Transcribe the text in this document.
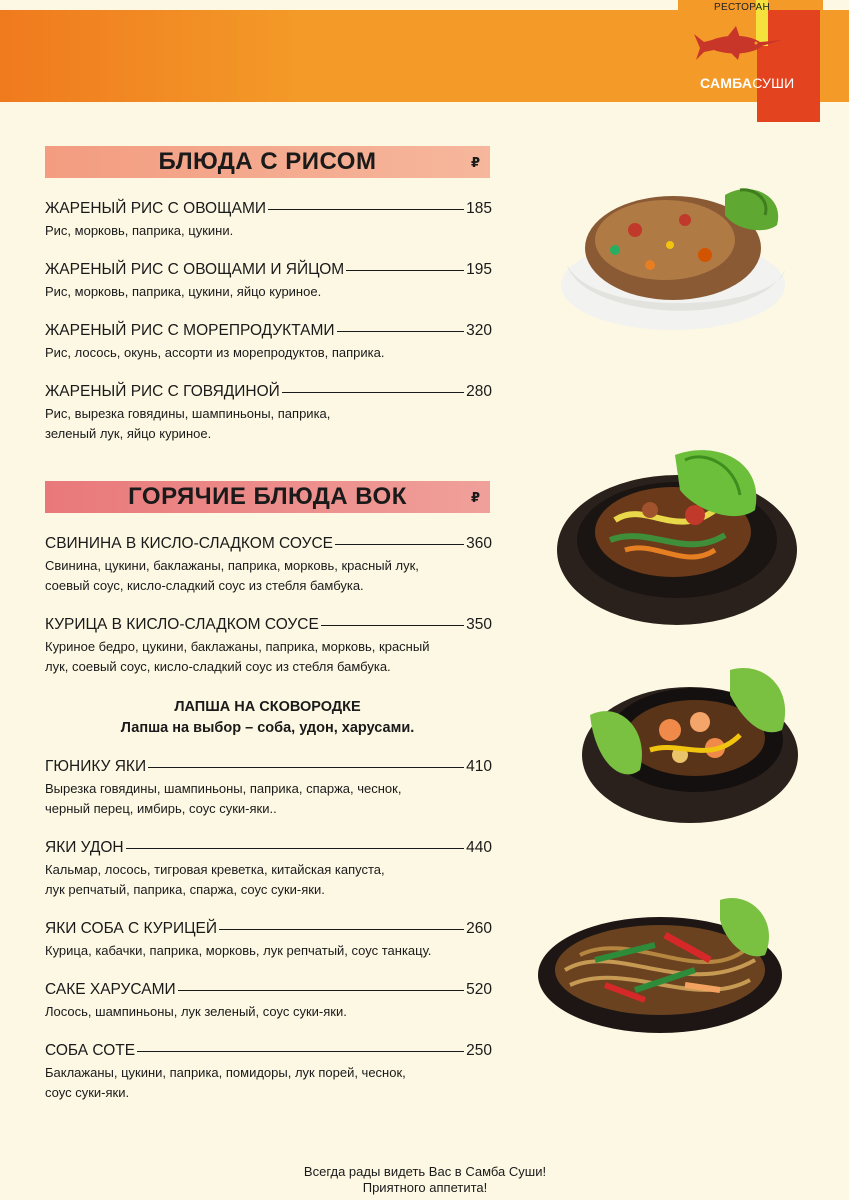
РЕСТОРАН
САМБАСУШИ
БЛЮДА С РИСОМ	₽
ЖАРЕНЫЙ РИС С ОВОЩАМИ	185
Рис, морковь, паприка, цукини.
ЖАРЕНЫЙ РИС С ОВОЩАМИ И ЯЙЦОМ	195
Рис, морковь, паприка, цукини, яйцо куриное.
ЖАРЕНЫЙ РИС С МОРЕПРОДУКТАМИ	320
Рис, лосось, окунь, ассорти из морепродуктов, паприка.
ЖАРЕНЫЙ РИС С ГОВЯДИНОЙ	280
Рис, вырезка говядины, шампиньоны, паприка,
зеленый лук, яйцо куриное.
ГОРЯЧИЕ БЛЮДА ВОК	₽
СВИНИНА В КИСЛО-СЛАДКОМ СОУСЕ	360
Свинина, цукини, баклажаны, паприка, морковь, красный лук,
соевый соус, кисло-сладкий соус из стебля бамбука.
КУРИЦА В КИСЛО-СЛАДКОМ СОУСЕ	350
Куриное бедро, цукини, баклажаны, паприка, морковь, красный
лук, соевый соус, кисло-сладкий соус из стебля бамбука.
ЛАПША НА СКОВОРОДКЕ
Лапша на выбор – соба, удон, харусами.
ГЮНИКУ ЯКИ	410
Вырезка говядины, шампиньоны, паприка, спаржа, чеснок,
черный перец, имбирь, соус суки-яки..
ЯКИ УДОН	440
Кальмар, лосось, тигровая креветка, китайская капуста,
лук репчатый, паприка, спаржа, соус суки-яки.
ЯКИ СОБА С КУРИЦЕЙ	260
Курица, кабачки, паприка, морковь, лук репчатый, соус танкацу.
САКЕ ХАРУСАМИ	520
Лосось, шампиньоны, лук зеленый, соус суки-яки.
СОБА СОТЕ	250
Баклажаны, цукини, паприка, помидоры, лук порей, чеснок,
соус суки-яки.
Всегда рады видеть Вас в Самба Суши!
Приятного аппетита!
